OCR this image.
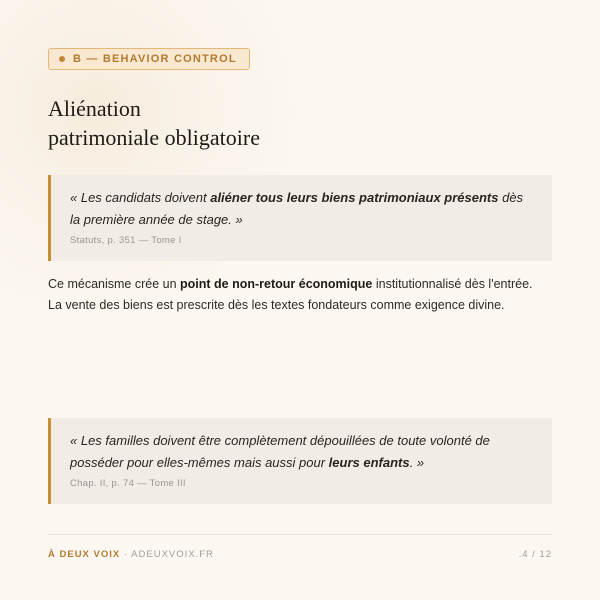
B — BEHAVIOR CONTROL
Aliénation
patrimoniale obligatoire
« Les candidats doivent aliéner tous leurs biens patrimoniaux présents dès la première année de stage. »
Statuts, p. 351 — Tome I
Ce mécanisme crée un point de non-retour économique institutionnalisé dès l'entrée.
La vente des biens est prescrite dès les textes fondateurs comme exigence divine.
« Les familles doivent être complètement dépouillées de toute volonté de posséder pour elles-mêmes mais aussi pour leurs enfants. »
Chap. II, p. 74 — Tome III
À DEUX VOIX · ADEUXVOIX.FR	.4 / 12
